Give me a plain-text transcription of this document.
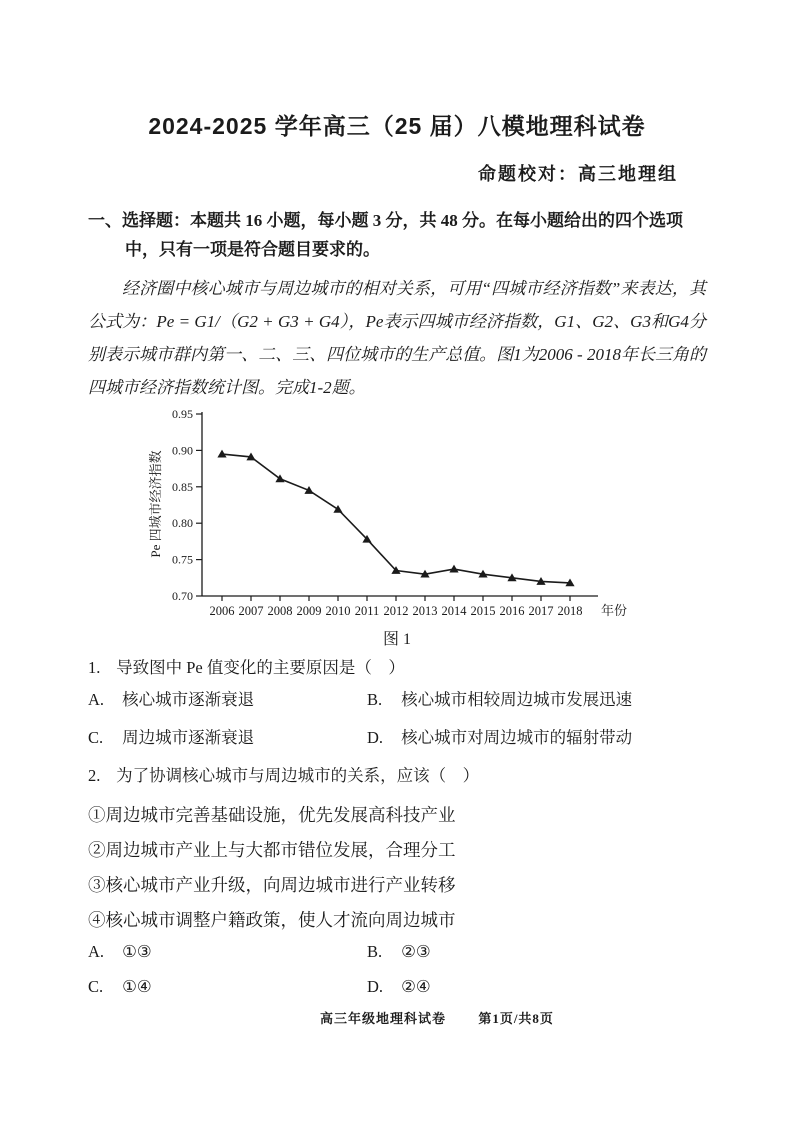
2024-2025 学年高三（25 届）八模地理科试卷
命题校对：高三地理组
一、选择题：本题共 16 小题，每小题 3 分，共 48 分。在每小题给出的四个选项中，只有一项是符合题目要求的。
经济圈中核心城市与周边城市的相对关系，可用“四城市经济指数”来表达，其公式为：Pe = G1/（G2 + G3 + G4），Pe表示四城市经济指数，G1、G2、G3和G4分别表示城市群内第一、二、三、四位城市的生产总值。图1为2006 - 2018年长三角的四城市经济指数统计图。完成1-2题。
0.70
0.75
0.80
0.85
0.90
0.95
2006 2007 2008 2009 2010 2011 2012 2013 2014 2015 2016 2017 2018 年份
Pe 四城市经济指数
图 1
1. 导致图中 Pe 值变化的主要原因是（　）
A. 核心城市逐渐衰退	B. 核心城市相较周边城市发展迅速
C. 周边城市逐渐衰退	D. 核心城市对周边城市的辐射带动
2. 为了协调核心城市与周边城市的关系，应该（　）
①周边城市完善基础设施，优先发展高科技产业
②周边城市产业上与大都市错位发展，合理分工
③核心城市产业升级，向周边城市进行产业转移
④核心城市调整户籍政策，使人才流向周边城市
A. ①③	B. ②③
C. ①④	D. ②④
高三年级地理科试卷 第1页/共8页
